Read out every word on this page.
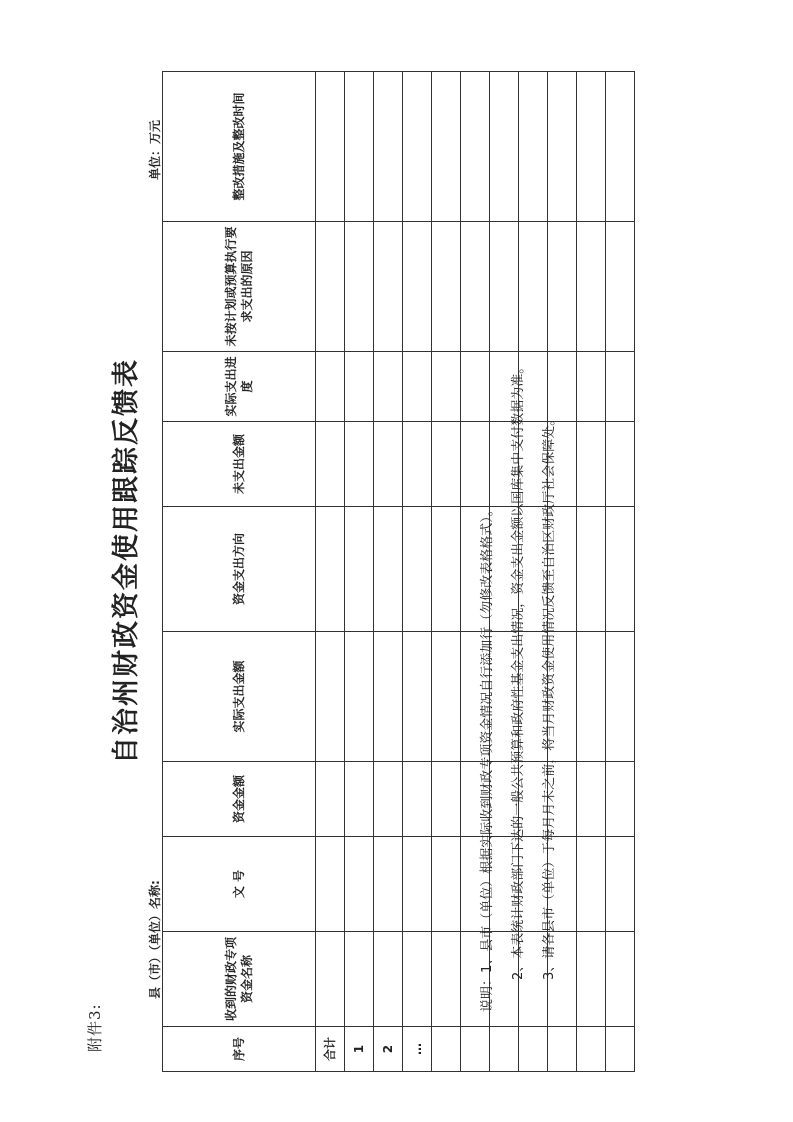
附件3:
自治州财政资金使用跟踪反馈表
县（市）（单位）名称:
单位：万元
序号	收到的财政专项资金名称	文 号	资金金额	实际支出金额	资金支出方向	未支出金额	实际支出进度	未按计划或预算执行要求支出的原因	整改措施及整改时间
合计									
1									
2									
…									

说明：1、县市（单位）根据实际收到财政专项资金情况自行添加行（勿修改表格格式）。	2、本表统计财政部门下达的一般公共预算和政府性基金支出情况，资金支出金额以国库集中支付数据为准。	3、请各县市（单位）于每月月末之前，将当月财政资金使用情况反馈至自治区财政厅社会保障处。
